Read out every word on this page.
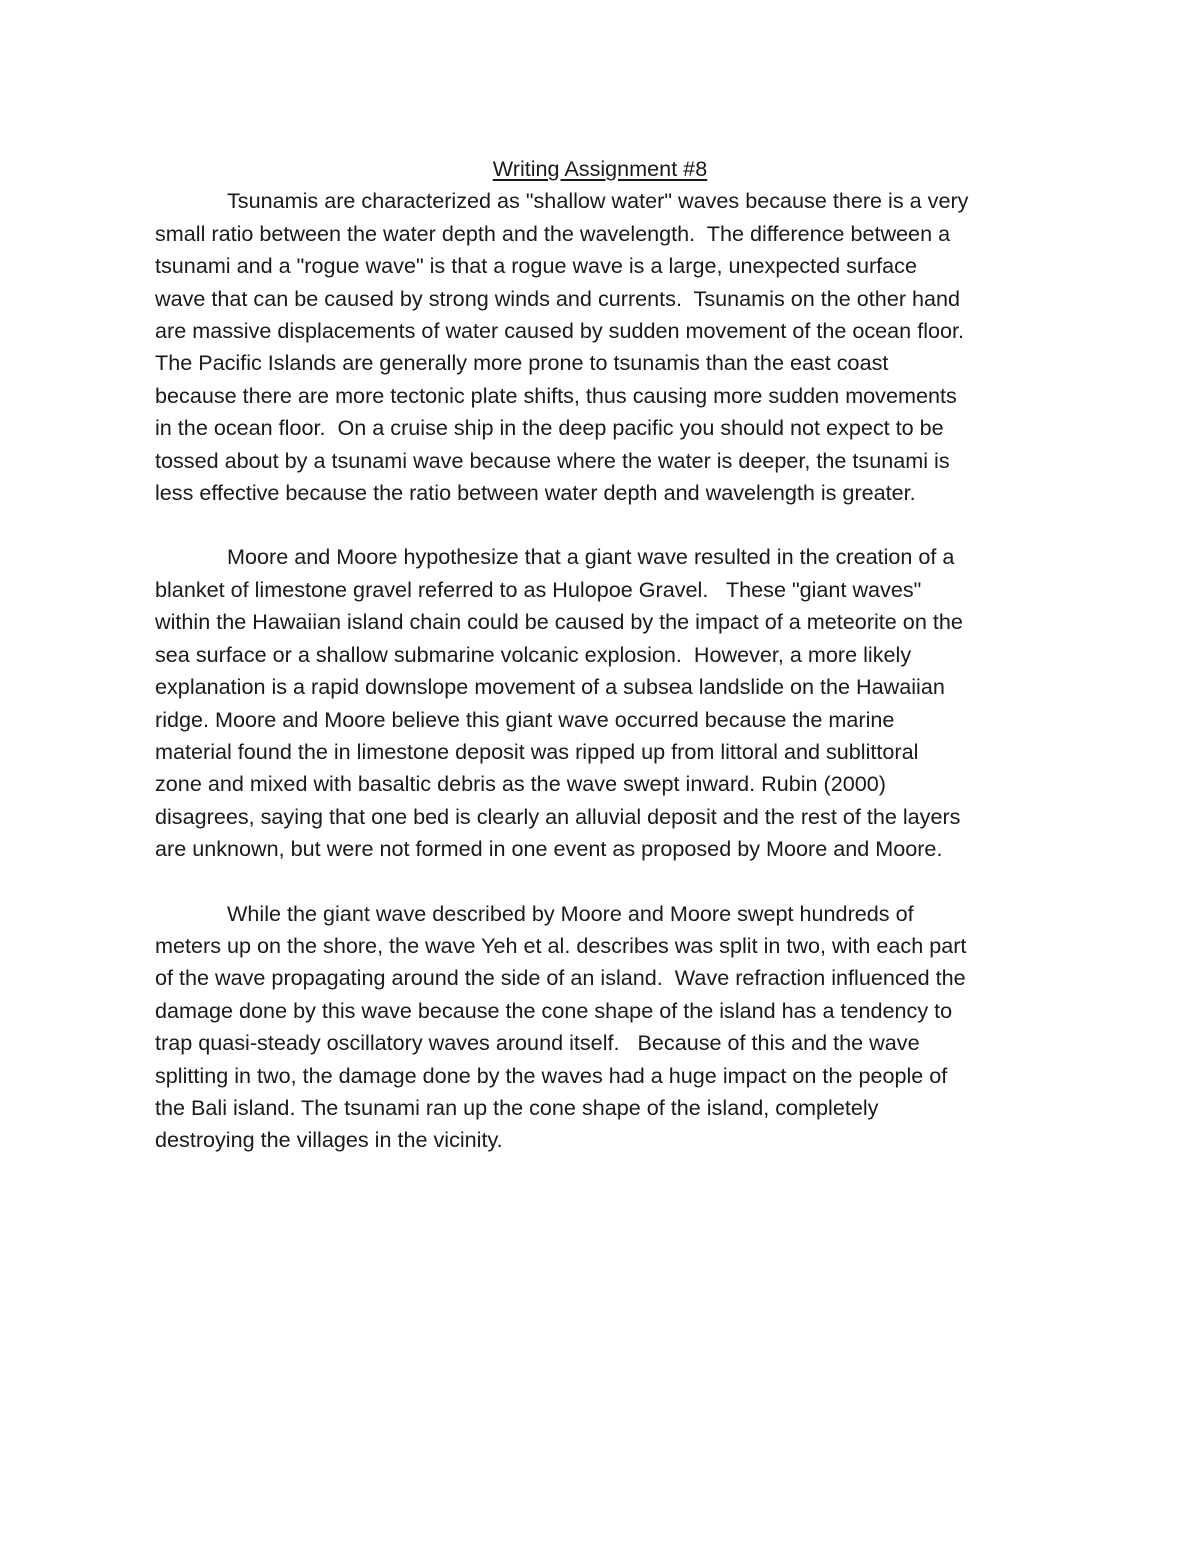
Writing Assignment #8
Tsunamis are characterized as "shallow water" waves because there is a very
small ratio between the water depth and the wavelength.  The difference between a
tsunami and a "rogue wave" is that a rogue wave is a large, unexpected surface
wave that can be caused by strong winds and currents.  Tsunamis on the other hand
are massive displacements of water caused by sudden movement of the ocean floor.
The Pacific Islands are generally more prone to tsunamis than the east coast
because there are more tectonic plate shifts, thus causing more sudden movements
in the ocean floor.  On a cruise ship in the deep pacific you should not expect to be
tossed about by a tsunami wave because where the water is deeper, the tsunami is
less effective because the ratio between water depth and wavelength is greater.
Moore and Moore hypothesize that a giant wave resulted in the creation of a
blanket of limestone gravel referred to as Hulopoe Gravel.   These "giant waves"
within the Hawaiian island chain could be caused by the impact of a meteorite on the
sea surface or a shallow submarine volcanic explosion.  However, a more likely
explanation is a rapid downslope movement of a subsea landslide on the Hawaiian
ridge. Moore and Moore believe this giant wave occurred because the marine
material found the in limestone deposit was ripped up from littoral and sublittoral
zone and mixed with basaltic debris as the wave swept inward. Rubin (2000)
disagrees, saying that one bed is clearly an alluvial deposit and the rest of the layers
are unknown, but were not formed in one event as proposed by Moore and Moore.
While the giant wave described by Moore and Moore swept hundreds of
meters up on the shore, the wave Yeh et al. describes was split in two, with each part
of the wave propagating around the side of an island.  Wave refraction influenced the
damage done by this wave because the cone shape of the island has a tendency to
trap quasi-steady oscillatory waves around itself.   Because of this and the wave
splitting in two, the damage done by the waves had a huge impact on the people of
the Bali island. The tsunami ran up the cone shape of the island, completely
destroying the villages in the vicinity.
